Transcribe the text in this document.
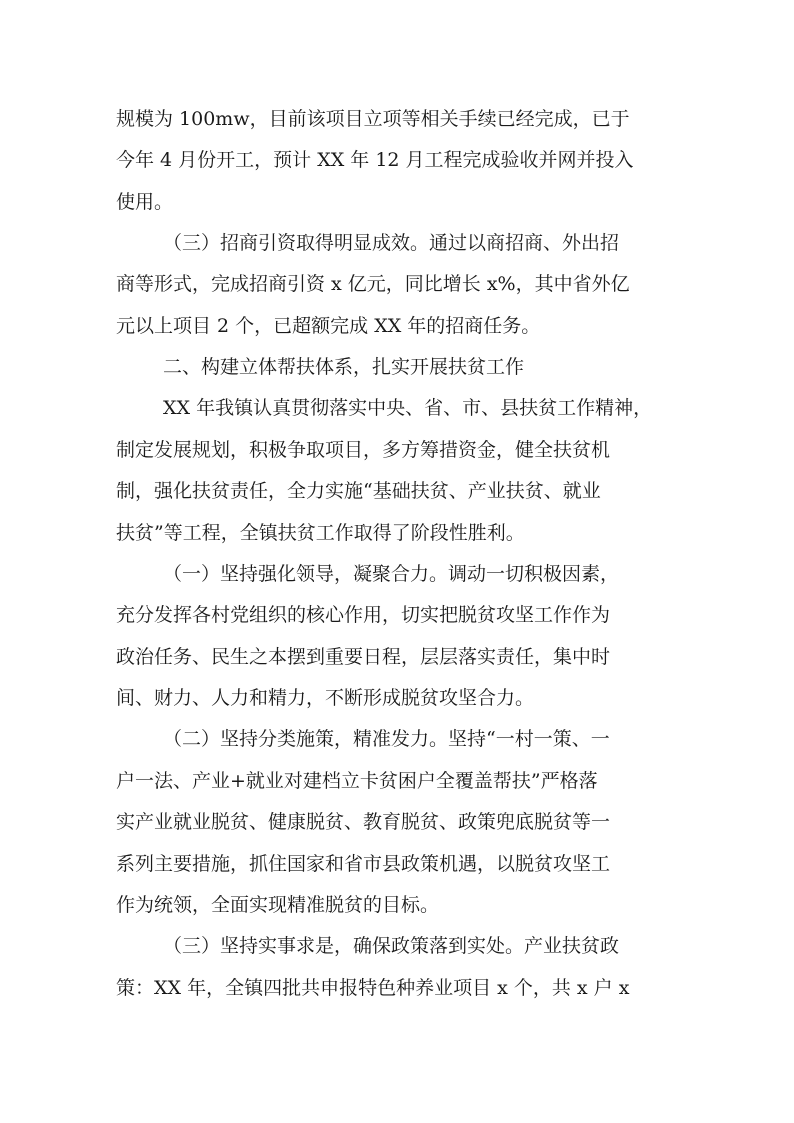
规模为 100mw，目前该项目立项等相关手续已经完成，已于

今年 4 月份开工，预计 XX 年 12 月工程完成验收并网并投入

使用。

（三）招商引资取得明显成效。通过以商招商、外出招

商等形式，完成招商引资 x 亿元，同比增长 x%，其中省外亿

元以上项目 2 个，已超额完成 XX 年的招商任务。

二、构建立体帮扶体系，扎实开展扶贫工作

XX 年我镇认真贯彻落实中央、省、市、县扶贫工作精神，

制定发展规划，积极争取项目，多方筹措资金，健全扶贫机

制，强化扶贫责任，全力实施“基础扶贫、产业扶贫、就业

扶贫”等工程，全镇扶贫工作取得了阶段性胜利。

（一）坚持强化领导，凝聚合力。调动一切积极因素，

充分发挥各村党组织的核心作用，切实把脱贫攻坚工作作为

政治任务、民生之本摆到重要日程，层层落实责任，集中时

间、财力、人力和精力，不断形成脱贫攻坚合力。

（二）坚持分类施策，精准发力。坚持“一村一策、一

户一法、产业+就业对建档立卡贫困户全覆盖帮扶”严格落

实产业就业脱贫、健康脱贫、教育脱贫、政策兜底脱贫等一

系列主要措施，抓住国家和省市县政策机遇，以脱贫攻坚工

作为统领，全面实现精准脱贫的目标。

（三）坚持实事求是，确保政策落到实处。产业扶贫政

策：XX 年，全镇四批共申报特色种养业项目 x 个，共 x 户 x
